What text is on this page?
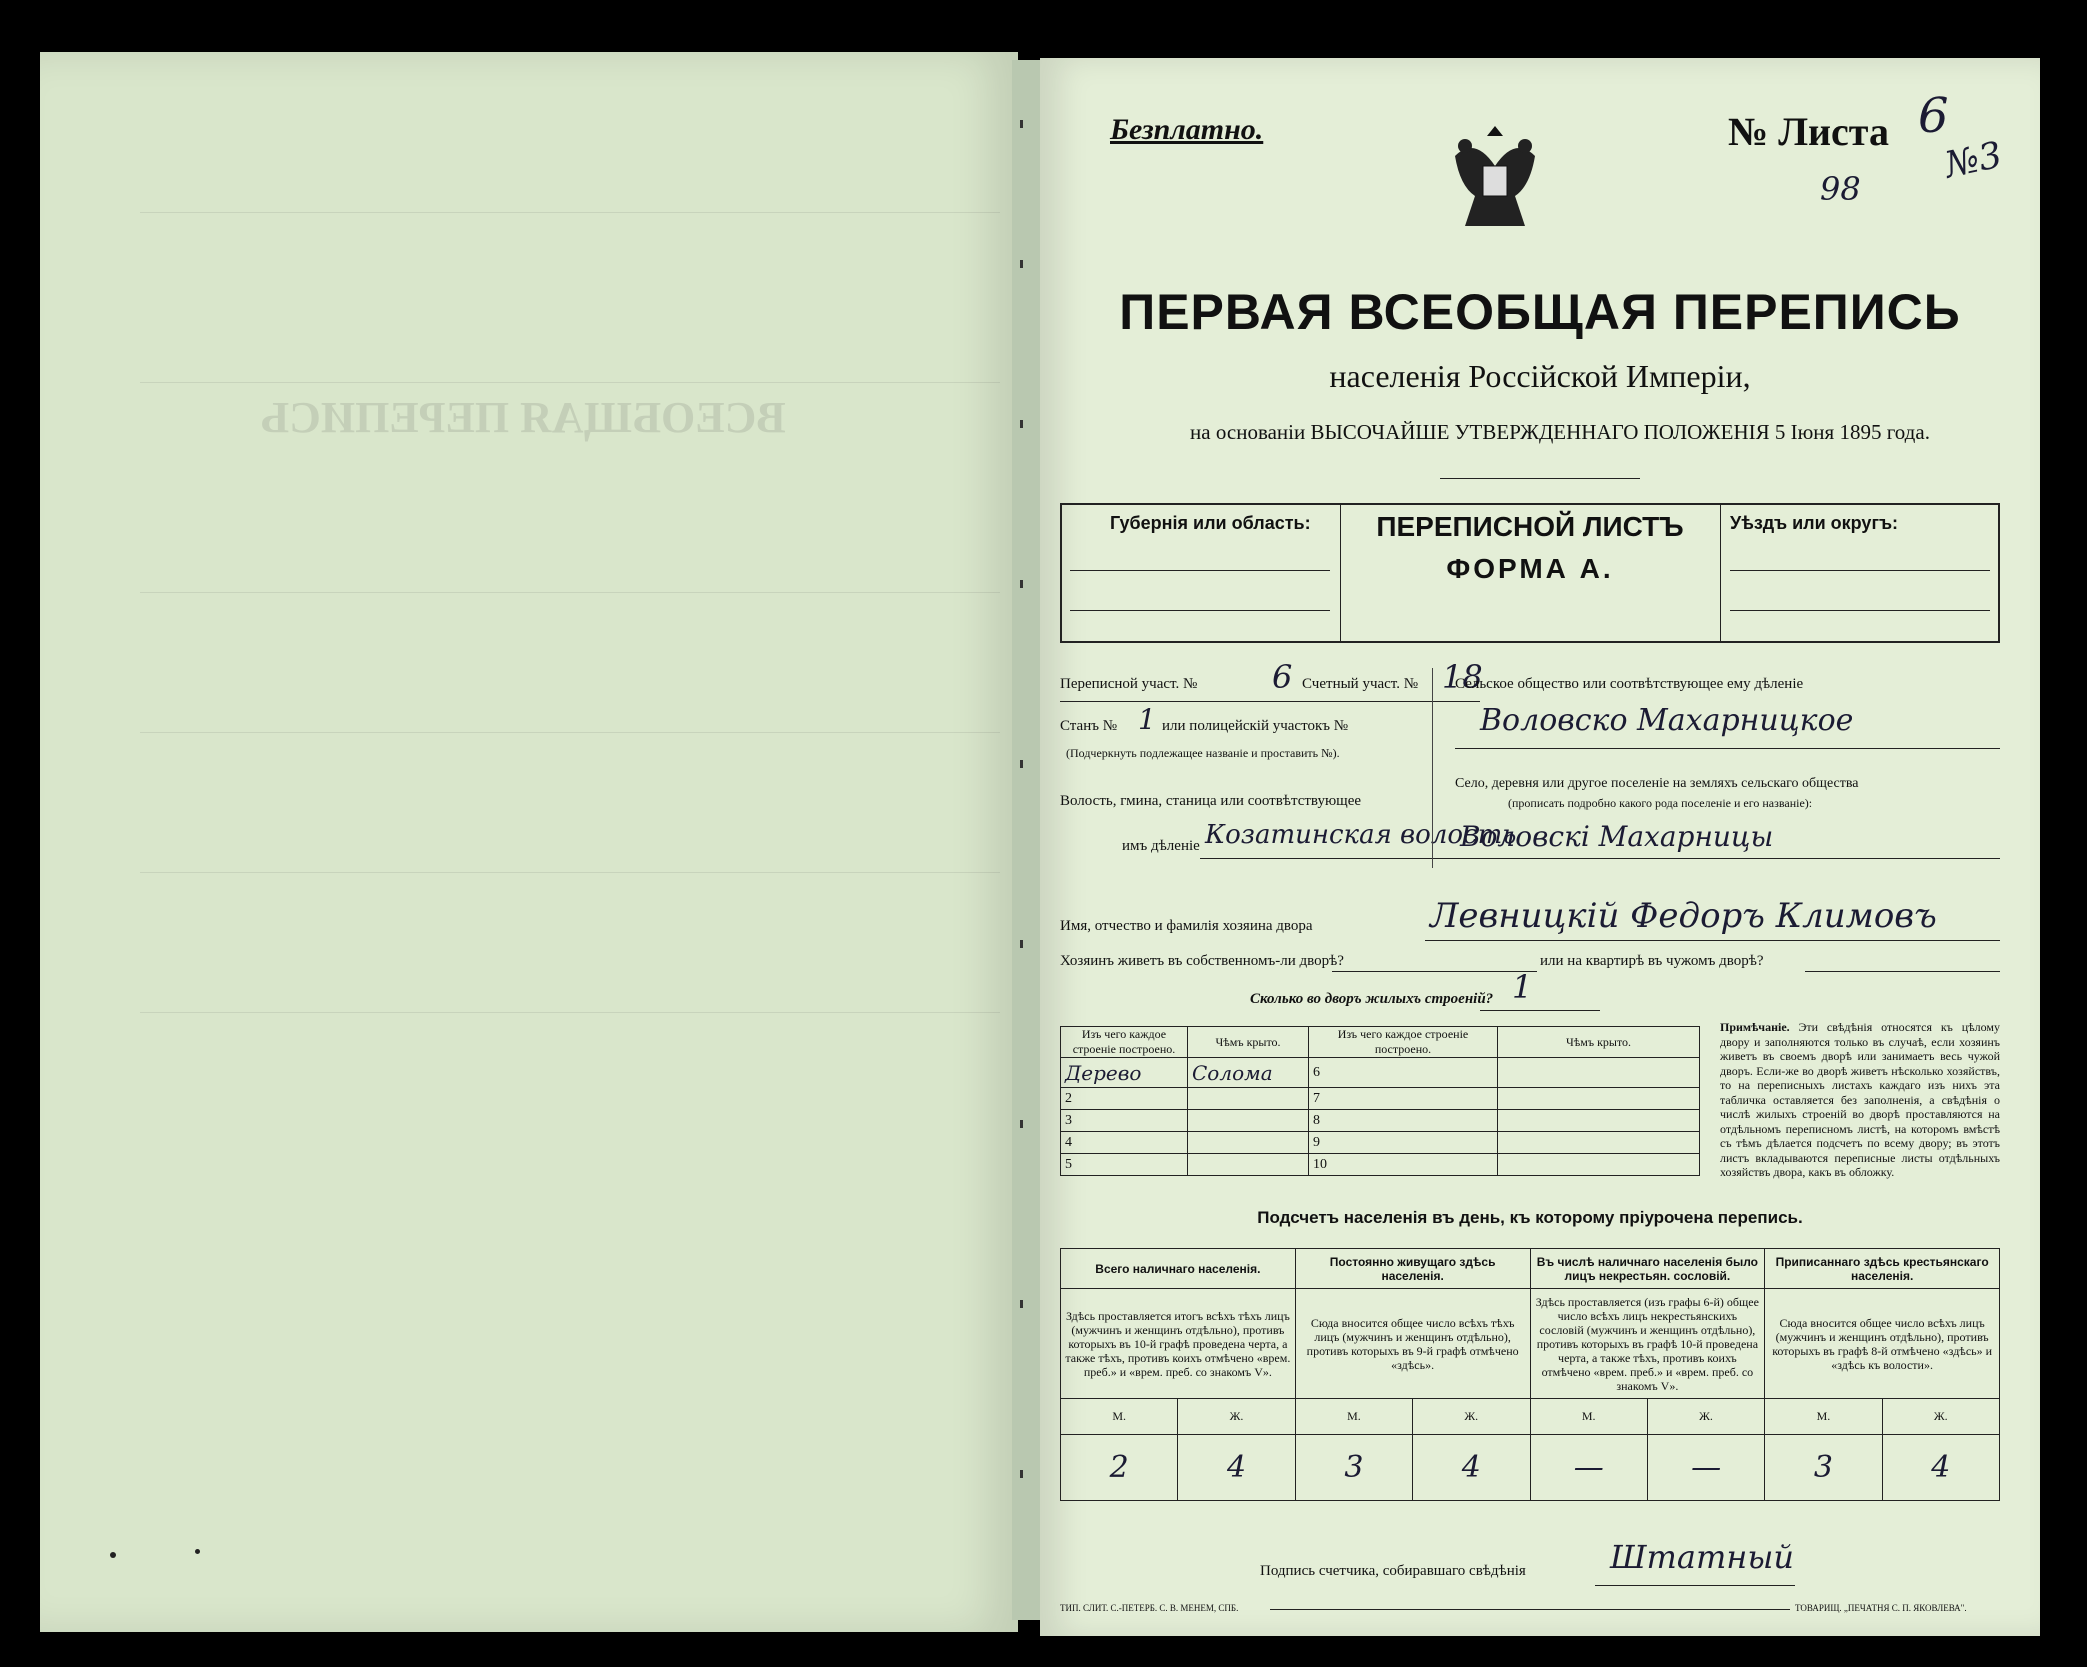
ВСЕОБЩАЯ ПЕРЕПИСЬ
Безплатно.	№ Листа 6
№3
98
ПЕРВАЯ ВСЕОБЩАЯ ПЕРЕПИСЬ
населенія Россійской Имперіи,
на основаніи ВЫСОЧАЙШЕ УТВЕРЖДЕННАГО ПОЛОЖЕНІЯ 5 Іюня 1895 года.
Губернія или область:	ПЕРЕПИСНОЙ ЛИСТЪ
ФОРМА А.
Уѣздъ или округъ:
Переписной участ. № 6 Счетный участ. № 18
Станъ № 1 или полицейскій участокъ №
(Подчеркнуть подлежащее названіе и проставить №).
Волость, гмина, станица или соотвѣтствующее
имъ дѣленіе Козатинская волость
Сельское общество или соотвѣтствующее ему дѣленіе
Воловско Махарницкое
Село, деревня или другое поселеніе на земляхъ сельскаго общества
(прописать подробно какого рода поселеніе и его названіе):
Воловскі Махарницы
Имя, отчество и фамилія хозяина двора	Левницкій Федоръ Климовъ
Хозяинъ живетъ въ собственномъ-ли дворѣ?	или на квартирѣ въ чужомъ дворѣ?
Сколько во дворъ жилыхъ строеній? 1
Изъ чего каждое строеніе построено.	Чѣмъ крыто.	Изъ чего каждое строеніе построено.	Чѣмъ крыто.
Дерево	Солома	6	
2		7	
3		8	
4		9	
5		10	
Примѣчаніе. Эти свѣдѣнія относятся къ цѣлому двору и заполняются только въ случаѣ, если хозяинъ живетъ въ своемъ дворѣ или занимаетъ весь чужой дворъ. Если-же во дворѣ живетъ нѣсколько хозяйствъ, то на переписныхъ листахъ каждаго изъ нихъ эта табличка оставляется без заполненія, а свѣдѣнія о числѣ жилыхъ строеній во дворѣ проставляются на отдѣльномъ переписномъ листѣ, на которомъ вмѣстѣ съ тѣмъ дѣлается подсчетъ по всему двору; въ этотъ листъ вкладываются переписные листы отдѣльныхъ хозяйствъ двора, какъ въ обложку.
Подсчетъ населенія въ день, къ которому пріурочена перепись.
Всего наличнаго населенія.		Постоянно живущаго здѣсь населенія.		Въ числѣ наличнаго населенія было лицъ некрестьян. сословій.		Приписаннаго здѣсь крестьянскаго населенія.	
Здѣсь проставляется итогъ всѣхъ тѣхъ лицъ (мужчинъ и женщинъ отдѣльно), противъ которыхъ въ 10-й графѣ проведена черта, а также тѣхъ, противъ коихъ отмѣчено «врем. преб.» и «врем. преб. со знакомъ V».		Сюда вносится общее число всѣхъ тѣхъ лицъ (мужчинъ и женщинъ отдѣльно), противъ которыхъ въ 9-й графѣ отмѣчено «здѣсь».		Здѣсь проставляется (изъ графы 6-й) общее число всѣхъ лицъ некрестьянскихъ сословій (мужчинъ и женщинъ отдѣльно), противъ которыхъ въ графѣ 10-й проведена черта, а также тѣхъ, противъ коихъ отмѣчено «врем. преб.» и «врем. преб. со знакомъ V».		Сюда вносится общее число всѣхъ лицъ (мужчинъ и женщинъ отдѣльно), противъ которыхъ въ графѣ 8-й отмѣчено «здѣсь» и «здѣсь къ волости».	
М.	Ж.	М.	Ж.	М.	Ж.	М.	Ж.
2	4	3	4	—	—	3	4
Подпись счетчика, собиравшаго свѣдѣнія	Штатный
ТИП. СЛИТ. С.-ПЕТЕРБ. С. В. МЕНЕМ, СПБ.	ТОВАРИЩ. „ПЕЧАТНЯ С. П. ЯКОВЛЕВА".
